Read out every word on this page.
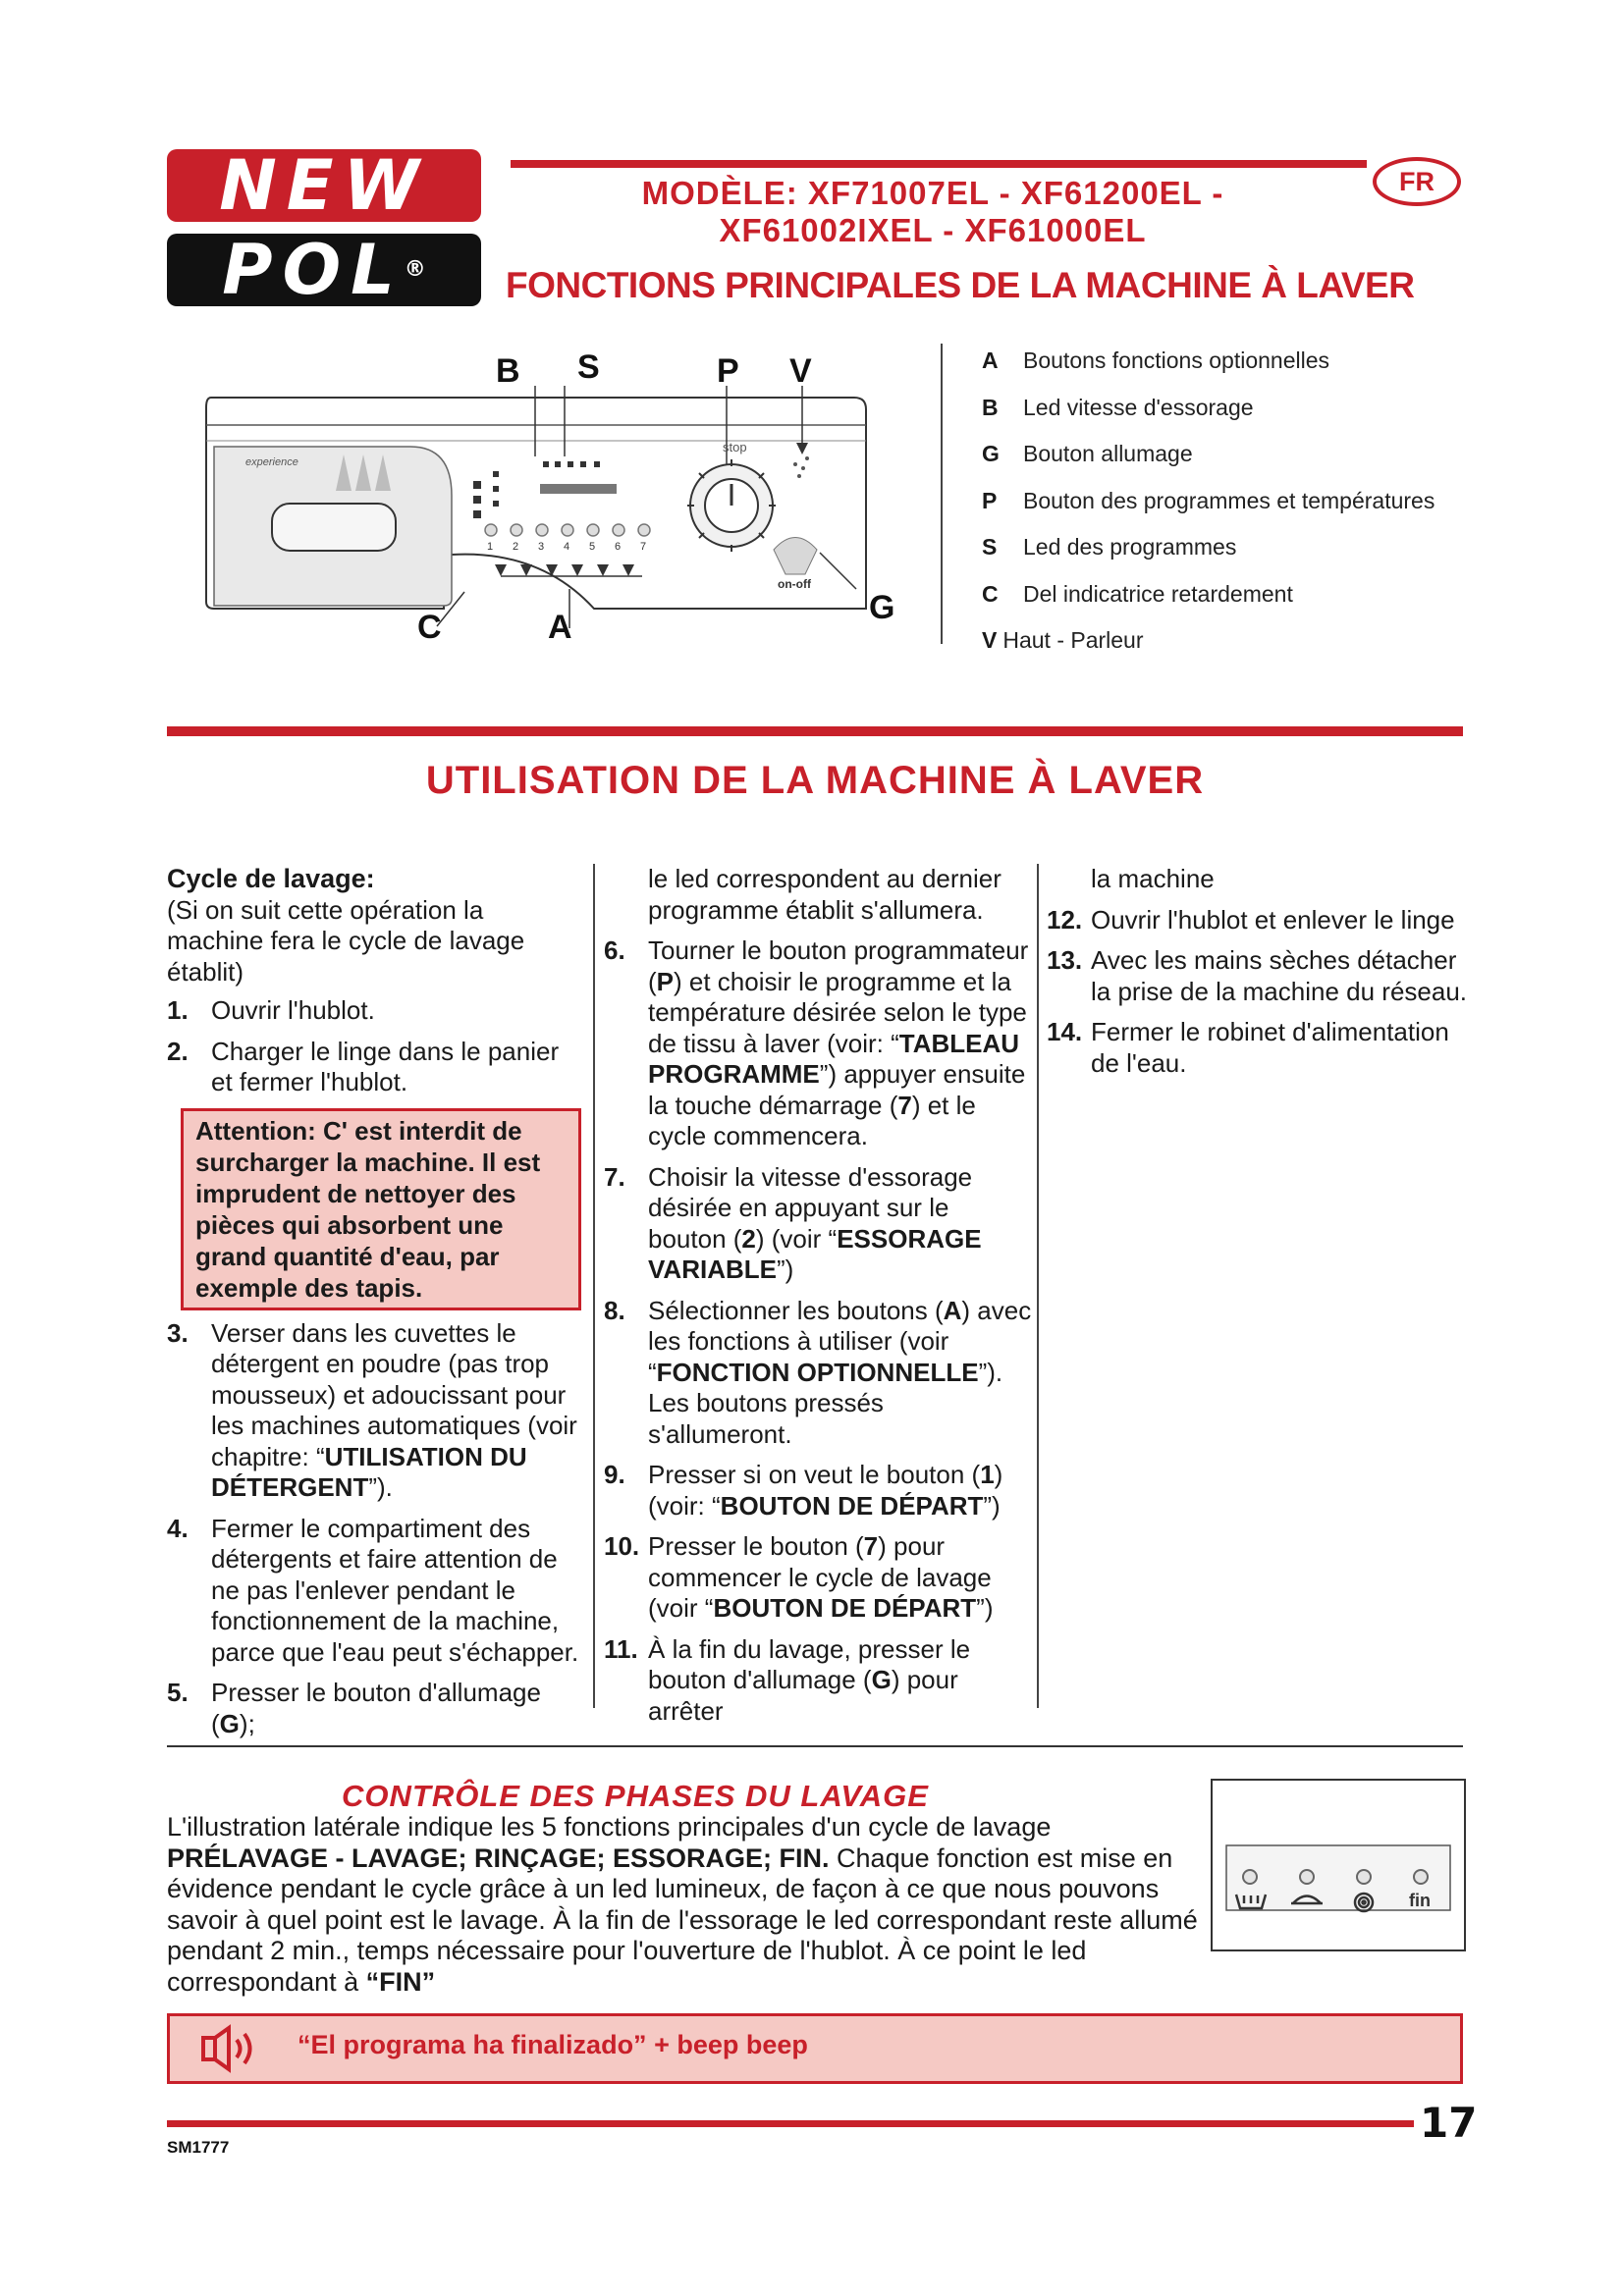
NEW
POL®
FR
MODÈLE: XF71007EL - XF61200EL -
XF61002IXEL - XF61000EL
FONCTIONS PRINCIPALES DE LA MACHINE À LAVER
experience
stop
on-off
1 2 3 4 5 6 7
B S	P V
C	A
G
A Boutons fonctions optionnelles
B Led vitesse d'essorage
G Bouton allumage
P Bouton des programmes et températures
S Led des programmes
C Del indicatrice retardement
V Haut - Parleur
UTILISATION DE LA MACHINE À LAVER
Cycle de lavage:
(Si on suit cette opération la machine fera le cycle de lavage établit)
1. Ouvrir l'hublot.
2. Charger le linge dans le panier et fermer l'hublot.
Attention: C' est interdit de surcharger la machine. Il est imprudent de nettoyer des pièces qui absorbent une grand quantité d'eau, par exemple des tapis.
3. Verser dans les cuvettes le détergent en poudre (pas trop mousseux) et adoucissant pour les machines automatiques (voir chapitre: “UTILISATION DU DÉTERGENT”).
4. Fermer le compartiment des détergents et faire attention de ne pas l'enlever pendant le fonctionnement de la machine, parce que l'eau peut s'échapper.
5. Presser le bouton d'allumage (G);
le led correspondent au dernier programme établit s'allumera.
6. Tourner le bouton programmateur (P) et choisir le programme et la température désirée selon le type de tissu à laver (voir: “TABLEAU PROGRAMME”) appuyer ensuite la touche démarrage (7) et le cycle commencera.
7. Choisir la vitesse d'essorage désirée en appuyant sur le bouton (2) (voir “ESSORAGE VARIABLE”)
8. Sélectionner les boutons (A) avec les fonctions à utiliser (voir “FONCTION OPTIONNELLE”). Les boutons pressés s'allumeront.
9. Presser si on veut le bouton (1) (voir: “BOUTON DE DÉPART”)
10. Presser le bouton (7) pour commencer le cycle de lavage (voir “BOUTON DE DÉPART”)
11. À la fin du lavage, presser le bouton d'allumage (G) pour arrêter
la machine
12. Ouvrir l'hublot et enlever le linge
13. Avec les mains sèches détacher la prise de la machine du réseau.
14. Fermer le robinet d'alimentation de l'eau.
CONTRÔLE DES PHASES DU LAVAGE
L'illustration latérale indique les 5 fonctions principales d'un cycle de lavage PRÉLAVAGE - LAVAGE; RINÇAGE; ESSORAGE; FIN. Chaque fonction est mise en évidence pendant le cycle grâce à un led lumineux, de façon à ce que nous pouvons savoir à quel point est le lavage. À la fin de l'essorage le led correspondant reste allumé pendant 2 min., temps nécessaire pour l'ouverture de l'hublot. À ce point le led correspondant à “FIN”
fin
“El programa ha finalizado” + beep beep
17
SM1777
